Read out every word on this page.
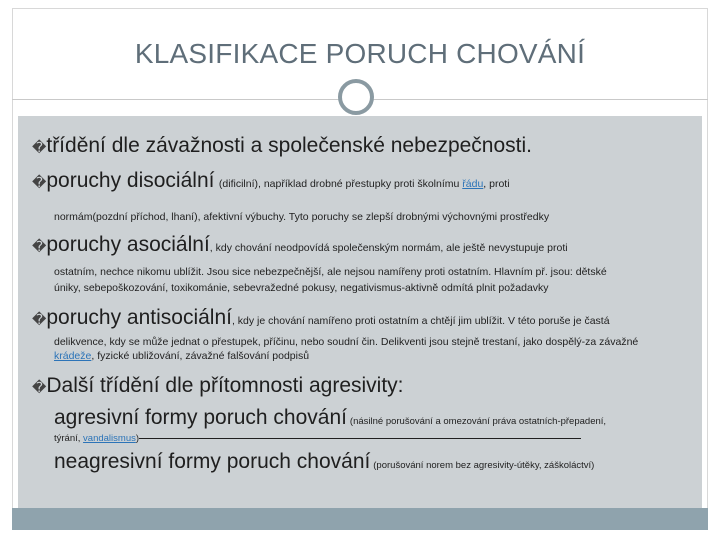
KLASIFIKACE PORUCH CHOVÁNÍ
�třídění dle závažnosti a společenské nebezpečnosti.
�poruchy disociální (dificilní), například drobné přestupky proti školnímu řádu, proti
normám(pozdní příchod, lhaní), afektivní výbuchy. Tyto poruchy se zlepší drobnými výchovnými prostředky
�poruchy asociální, kdy chování neodpovídá společenským normám, ale ještě nevystupuje proti
ostatním, nechce nikomu ublížit. Jsou sice nebezpečnější, ale nejsou namířeny proti ostatním. Hlavním př. jsou: dětské
úniky, sebepoškozování, toxikománie, sebevražedné pokusy, negativismus-aktivně odmítá plnit požadavky
�poruchy antisociální, kdy je chování namířeno proti ostatním a chtějí jim ublížit. V této poruše je častá
delikvence, kdy se může jednat o přestupek, příčinu, nebo soudní čin. Delikventi jsou stejně trestaní, jako dospělý-za závažné
krádeže, fyzické ubližování, závažné falšování podpisů
�Další třídění dle přítomnosti agresivity:
agresivní formy poruch chování (násilné porušování a omezování práva ostatních-přepadení,
týrání, vandalismus)
neagresivní formy poruch chování (porušování norem bez agresivity-útěky, záškoláctví)
